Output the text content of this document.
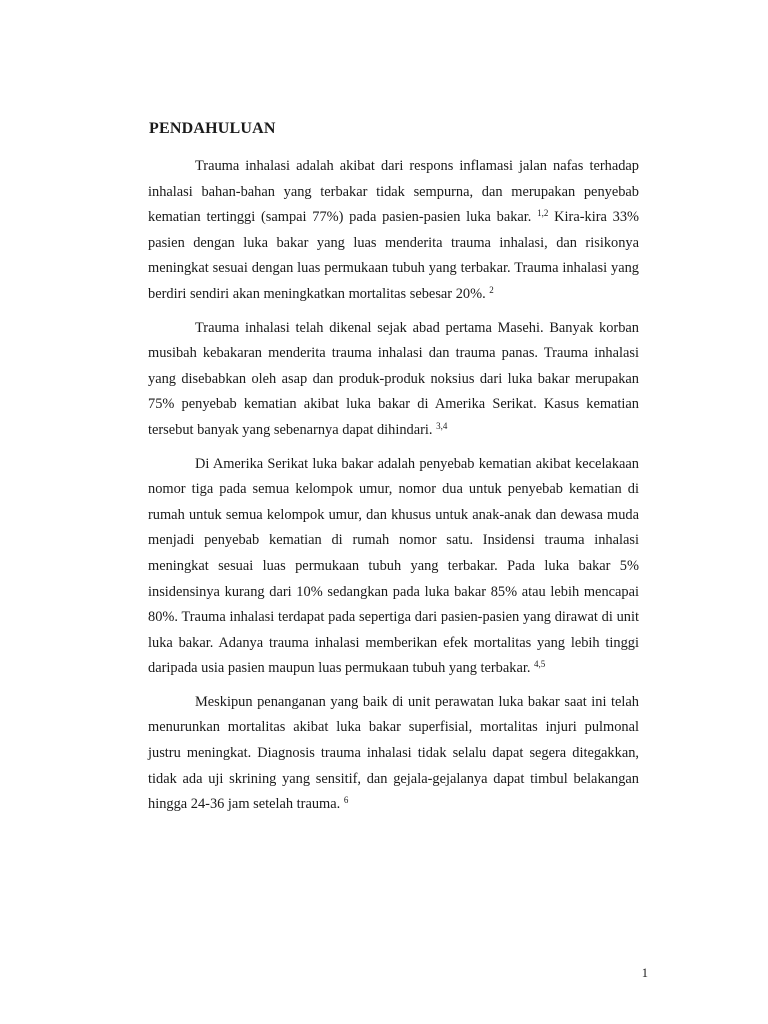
PENDAHULUAN

Trauma inhalasi adalah akibat dari respons inflamasi jalan nafas terhadap inhalasi bahan-bahan yang terbakar tidak sempurna, dan merupakan penyebab kematian tertinggi (sampai 77%) pada pasien-pasien luka bakar. $^{1,2}$ Kira-kira 33% pasien dengan luka bakar yang luas menderita trauma inhalasi, dan risikonya meningkat sesuai dengan luas permukaan tubuh yang terbakar. Trauma inhalasi yang berdiri sendiri akan meningkatkan mortalitas sebesar 20%. $^2$

Trauma inhalasi telah dikenal sejak abad pertama Masehi. Banyak korban musibah kebakaran menderita trauma inhalasi dan trauma panas. Trauma inhalasi yang disebabkan oleh asap dan produk-produk noksius dari luka bakar merupakan 75% penyebab kematian akibat luka bakar di Amerika Serikat. Kasus kematian tersebut banyak yang sebenarnya dapat dihindari. $^{3,4}$

Di Amerika Serikat luka bakar adalah penyebab kematian akibat kecelakaan nomor tiga pada semua kelompok umur, nomor dua untuk penyebab kematian di rumah untuk semua kelompok umur, dan khusus untuk anak-anak dan dewasa muda menjadi penyebab kematian di rumah nomor satu. Insidensi trauma inhalasi meningkat sesuai luas permukaan tubuh yang terbakar. Pada luka bakar 5% insidensinya kurang dari 10% sedangkan pada luka bakar 85% atau lebih mencapai 80%. Trauma inhalasi terdapat pada sepertiga dari pasien-pasien yang dirawat di unit luka bakar. Adanya trauma inhalasi memberikan efek mortalitas yang lebih tinggi daripada usia pasien maupun luas permukaan tubuh yang terbakar. $^{4,5}$

Meskipun penanganan yang baik di unit perawatan luka bakar saat ini telah menurunkan mortalitas akibat luka bakar superfisial, mortalitas injuri pulmonal justru meningkat. Diagnosis trauma inhalasi tidak selalu dapat segera ditegakkan, tidak ada uji skrining yang sensitif, dan gejala-gejalanya dapat timbul belakangan hingga 24-36 jam setelah trauma. $^6$

1
